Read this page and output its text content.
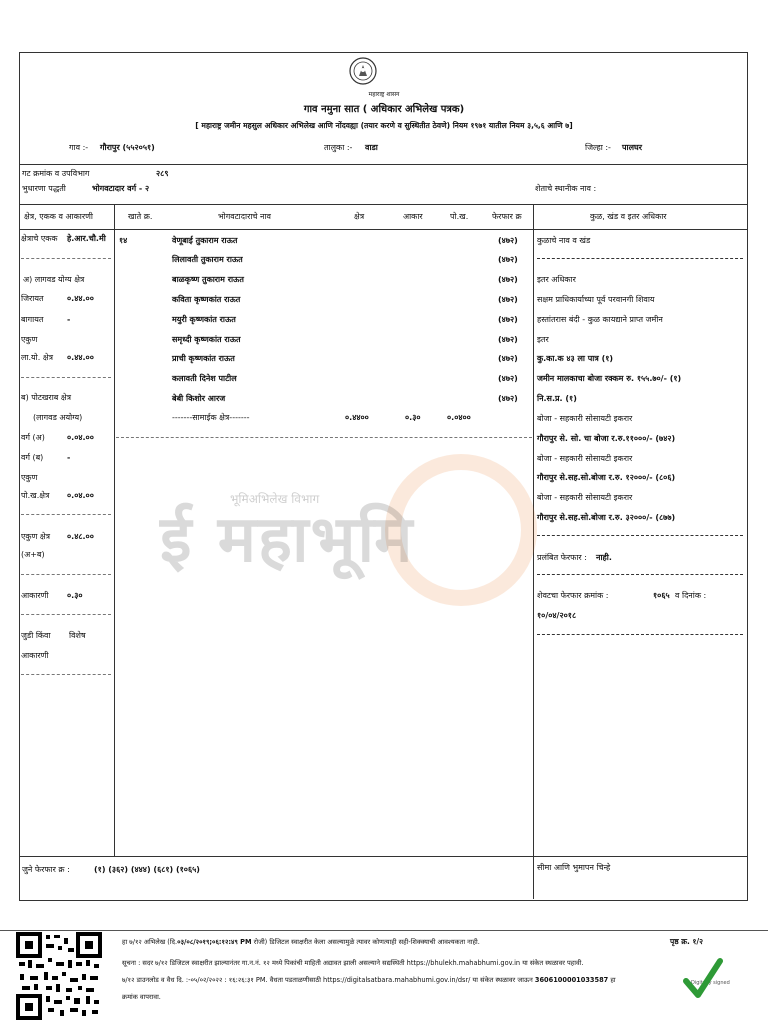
महाराष्ट्र शासन
गाव नमुना सात ( अधिकार अभिलेख पत्रक)
[ महाराष्ट्र जमीन महसुल अधिकार अभिलेख आणि नोंदवह्या (तयार करणे व सुस्थितीत ठेवणे) नियम १९७१ यातील नियम ३,५,६ आणि ७]
गाव :- गौरापुर (५५२०५१)	तालुका :- वाडा	जिल्हा :- पालघर
गट क्रमांक व उपविभाग	२८९
भुधारणा पद्धती	भोगवटादार वर्ग - २	शेताचे स्थानीक नाव :
क्षेत्र, एकक व आकारणी	खाते क्र.	भोगवटादाराचे नाव	क्षेत्र	आकार	पो.ख.	फेरफार क्र	कुळ, खंड व इतर अधिकार
भूमिअभिलेख विभाग
ई महाभूमि
क्षेत्राचे एकक हे.आर.चौ.मी
अ) लागवड योग्य क्षेत्र
जिरायत	०.४४.००
बागायत	-
एकुण
ला.यो. क्षेत्र ०.४४.००
ब) पोटखराब क्षेत्र
(लागवड अयोग्य)
वर्ग (अ)	०.०४.००
वर्ग (ब)	-
एकुण
पो.ख.क्षेत्र ०.०४.००
एकुण क्षेत्र ०.४८.००
(अ+ब)
आकारणी ०.३०
जुडी किंवा विशेष
आकारणी
१४	वेणूबाई तुकाराम राऊत	(४७२)
लिलावती तुकाराम राऊत	(४७२)
बाळकृष्ण तुकाराम राऊत	(४७२)
कविता कृष्णकांत राऊत	(४७२)
मयुरी कृष्णकांत राऊत	(४७२)
समृध्दी कृष्णकांत राऊत	(४७२)
प्राची कृष्णकांत राऊत	(४७२)
कलावती दिनेश पाटील	(४७२)
बेबी किशोर आरज	(४७२)
-------सामाईक क्षेत्र-------	०.४४००	०.३०	०.०४००
कुळाचे नाव व खंड
इतर अधिकार
सक्षम प्राधिकार्याच्या पूर्व परवानगी शिवाय
हस्तांतरास बंदी - कुळ कायद्याने प्राप्त जमीन
इतर
कु.का.क ४३ ला पात्र (१)
जमीन मालकाचा बोजा रक्कम रु. १५५.७०/- (१)
नि.स.प्र. (१)
बोजा - सहकारी सोसायटी इकरार
गौरापुर से. सो. चा बोजा र.रु.११०००/- (७४२)
बोजा - सहकारी सोसायटी इकरार
गौरापुर से.सह.सो.बोजा र.रु. १२०००/- (८०६)
बोजा - सहकारी सोसायटी इकरार
गौरापुर से.सह.सो.बोजा र.रु. ३२०००/- (८७७)
प्रलंबित फेरफार : नाही.
शेवटचा फेरफार क्रमांक :	१०६५ व दिनांक :
१०/०४/२०१८
जुने फेरफार क्र :	(१) (३६२) (४४४) (६८१) (१०६५)	सीमा आणि भुमापन चिन्हे
हा ७/१२ अभिलेख (दि.०३/०८/२०१९;०६:१२:४९ PM रोजी) डिजिटल स्वाक्षरीत केला असल्यामुळे त्यावर कोणत्याही सही-शिक्क्याची आवश्यकता नाही.	पृष्ठ क्र. १/२
सूचना : सदर ७/१२ डिजिटल स्वाक्षरीत झाल्यानंतर गा.न.नं. १२ मध्ये पिकांची माहिती अद्यावत झाली असल्याने सद्यस्थिती https://bhulekh.mahabhumi.gov.in या संकेत स्थळावर पहावी.
७/१२ डाउनलोड व वैध दि. :-०५/०२/२०२२ : १६:२६:३१ PM. वैधता पडताळणीसाठी https://digitalsatbara.mahabhumi.gov.in/dsr/ या संकेत स्थळावर जाऊन 3606100001033587 हा
क्रमांक वापरावा.
Digitally signed
